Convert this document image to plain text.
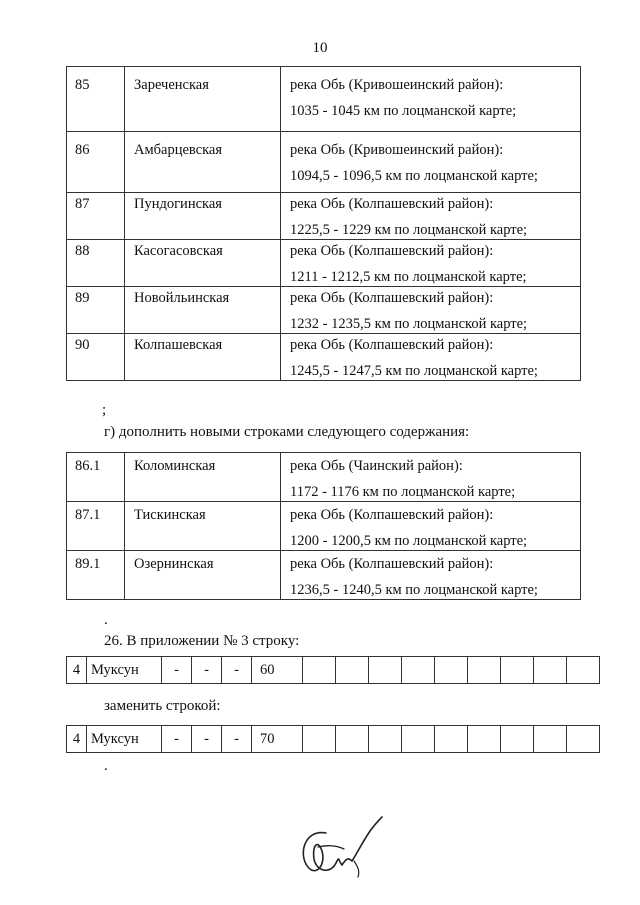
10
85	Зареченская	река Обь (Кривошеинский район):
1035 - 1045 км по лоцманской карте;

86	Амбарцевская	река Обь (Кривошеинский район):
1094,5 - 1096,5 км по лоцманской карте;

87	Пундогинская	река Обь (Колпашевский район):
1225,5 - 1229 км по лоцманской карте;

88	Касогасовская	река Обь (Колпашевский район):
1211 - 1212,5 км по лоцманской карте;

89	Новойльинская	река Обь (Колпашевский район):
1232 - 1235,5 км по лоцманской карте;

90	Колпашевская	река Обь (Колпашевский район):
1245,5 - 1247,5 км по лоцманской карте;
;
г) дополнить новыми строками следующего содержания:
86.1	Коломинская	река Обь (Чаинский район):
1172 - 1176 км по лоцманской карте;

87.1	Тискинская	река Обь (Колпашевский район):
1200 - 1200,5 км по лоцманской карте;

89.1	Озернинская	река Обь (Колпашевский район):
1236,5 - 1240,5 км по лоцманской карте;
.
26. В приложении № 3 строку:
4	Муксун	-	-	-	60									
заменить строкой:
4	Муксун	-	-	-	70									
.
